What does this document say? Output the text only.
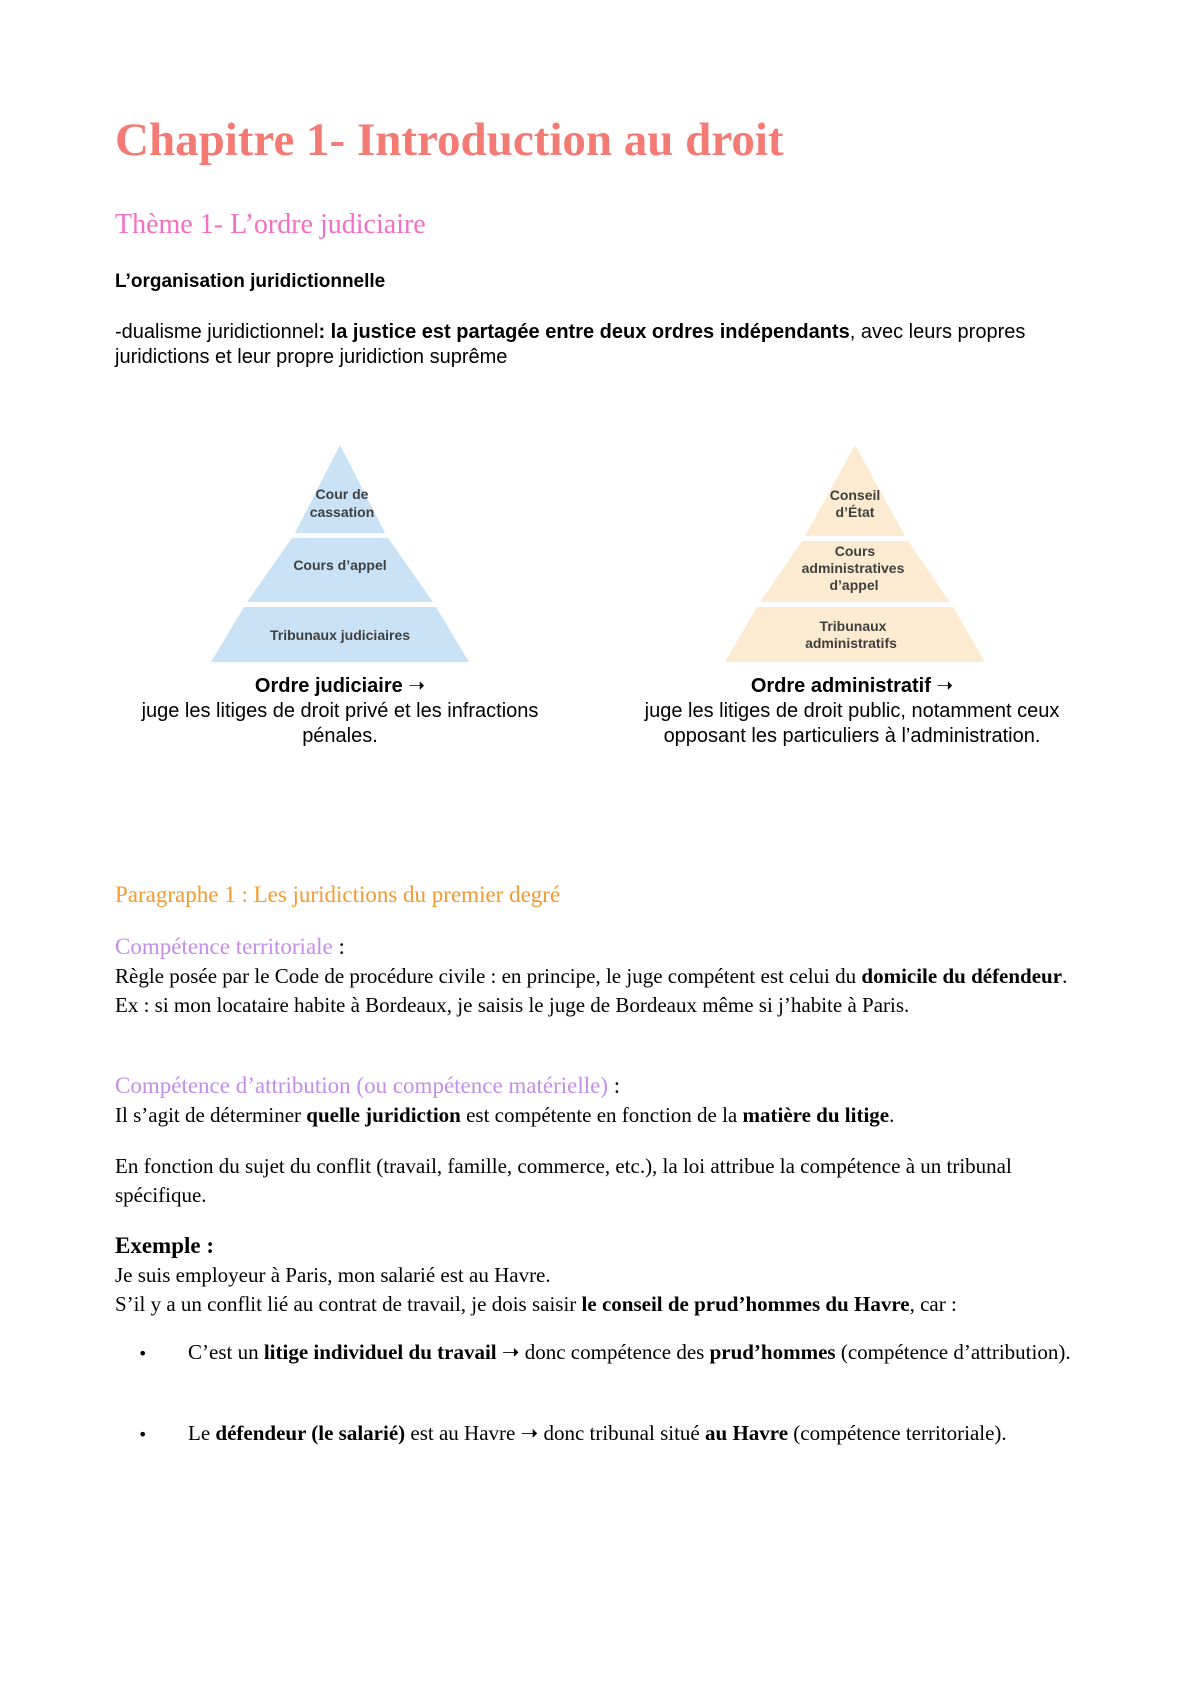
Chapitre 1- Introduction au droit
Thème 1- L’ordre judiciaire
L’organisation juridictionnelle
-dualisme juridictionnel: la justice est partagée entre deux ordres indépendants, avec leurs propres juridictions et leur propre juridiction suprême
Cour de
cassation
Cours d’appel
Tribunaux judiciaires
Conseil
d’État
Cours
administratives
d’appel
Tribunaux
administratifs
Ordre judiciaire ➝
juge les litiges de droit privé et les infractions pénales.
Ordre administratif ➝
juge les litiges de droit public, notamment ceux opposant les particuliers à l’administration.
Paragraphe 1 : Les juridictions du premier degré
Compétence territoriale :
Règle posée par le Code de procédure civile : en principe, le juge compétent est celui du domicile du défendeur.
Ex : si mon locataire habite à Bordeaux, je saisis le juge de Bordeaux même si j’habite à Paris.
Compétence d’attribution (ou compétence matérielle) :
Il s’agit de déterminer quelle juridiction est compétente en fonction de la matière du litige.
En fonction du sujet du conflit (travail, famille, commerce, etc.), la loi attribue la compétence à un tribunal spécifique.
Exemple :
Je suis employeur à Paris, mon salarié est au Havre.
S’il y a un conflit lié au contrat de travail, je dois saisir le conseil de prud’hommes du Havre, car :
• C’est un litige individuel du travail ➝ donc compétence des prud’hommes (compétence d’attribution).
• Le défendeur (le salarié) est au Havre ➝ donc tribunal situé au Havre (compétence territoriale).
